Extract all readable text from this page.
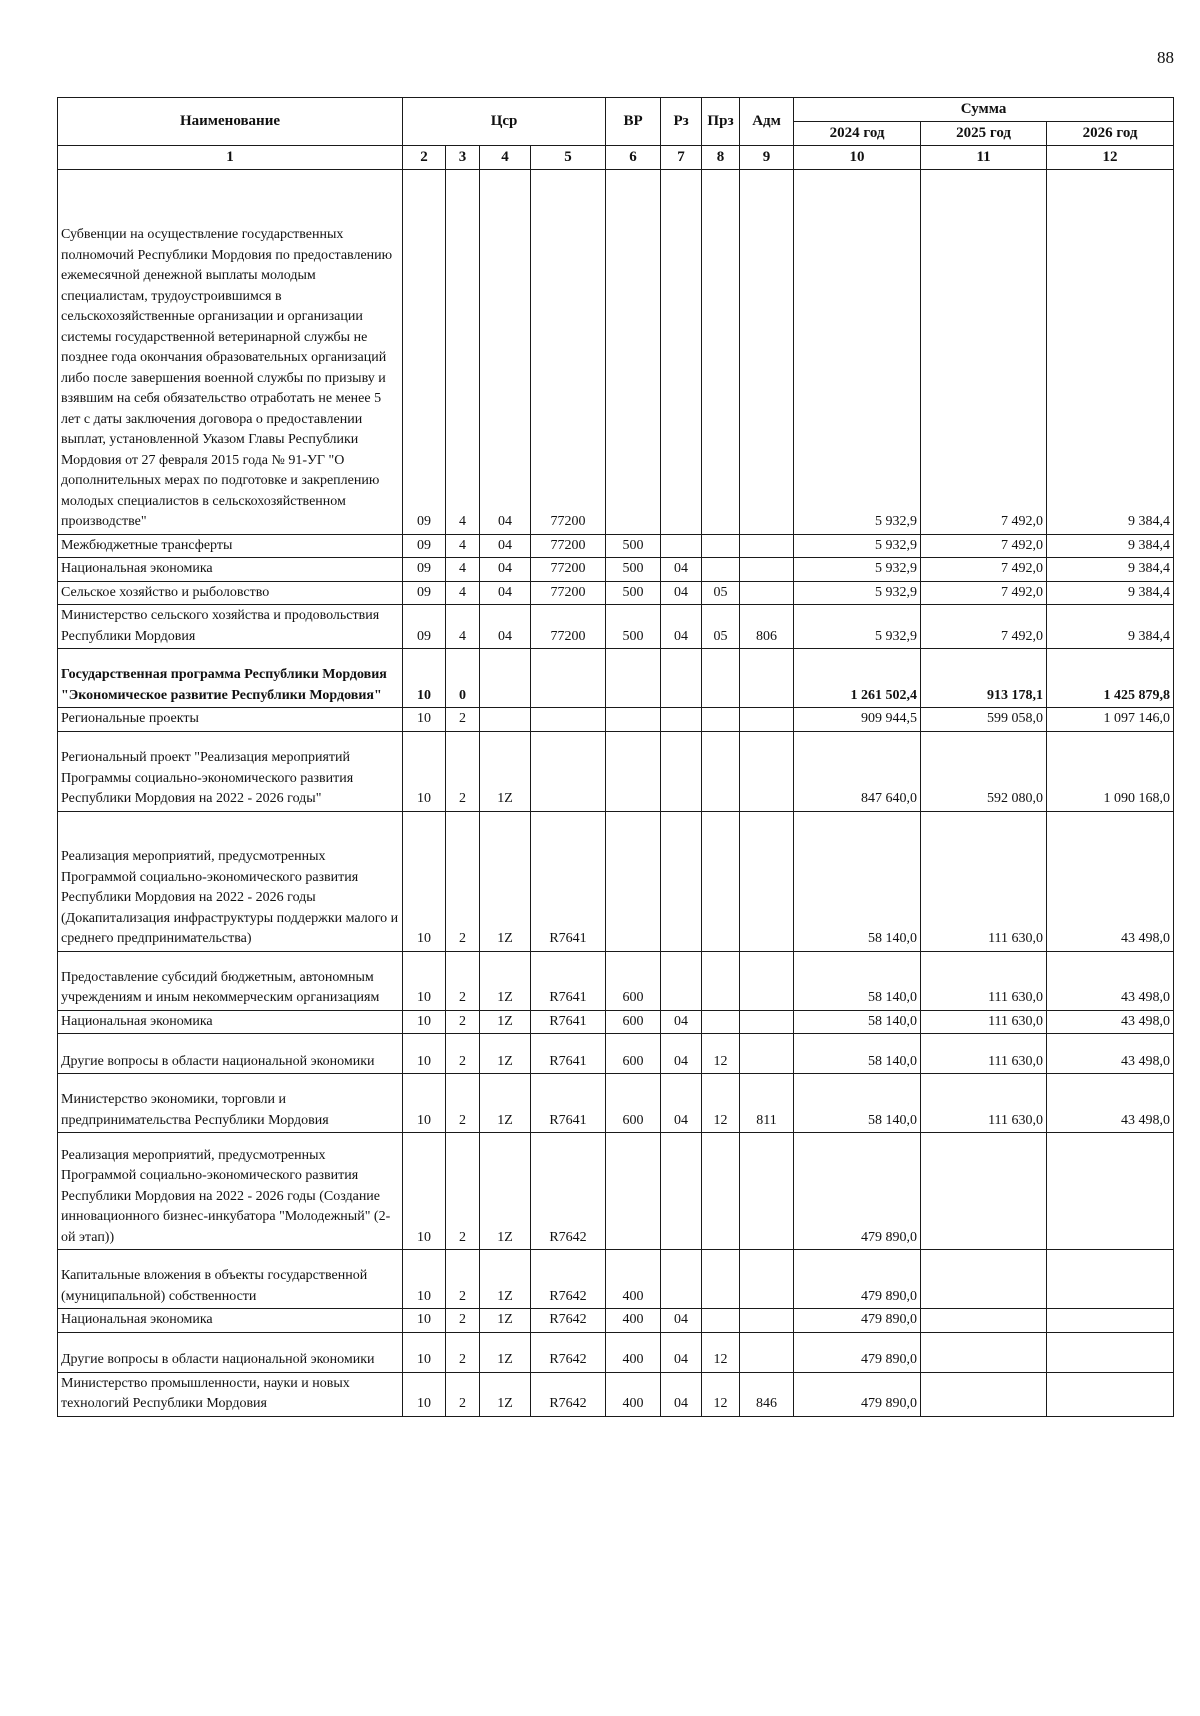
88
Наименование	Цср				ВР	Рз	Прз	Адм	Сумма		
									2024 год	2025 год	2026 год
1	2	3	4	5	6	7	8	9	10	11	12
Субвенции на осуществление государственных полномочий Республики Мордовия по предоставлению ежемесячной денежной выплаты молодым специалистам, трудоустроившимся в сельскохозяйственные организации и организации системы государственной ветеринарной службы не позднее года окончания образовательных организаций либо после завершения военной службы по призыву и взявшим на себя обязательство отработать не менее 5 лет с даты заключения договора о предоставлении выплат, установленной Указом Главы Республики Мордовия от 27 февраля 2015 года № 91-УГ "О дополнительных мерах по подготовке и закреплению молодых специалистов в сельскохозяйственном производстве"	09	4	04	77200					5 932,9	7 492,0	9 384,4
Межбюджетные трансферты	09	4	04	77200	500				5 932,9	7 492,0	9 384,4
Национальная экономика	09	4	04	77200	500	04			5 932,9	7 492,0	9 384,4
Сельское хозяйство и рыболовство	09	4	04	77200	500	04	05		5 932,9	7 492,0	9 384,4
Министерство сельского хозяйства и продовольствия Республики Мордовия	09	4	04	77200	500	04	05	806	5 932,9	7 492,0	9 384,4
Государственная программа Республики Мордовия "Экономическое развитие Республики Мордовия"	10	0							1 261 502,4	913 178,1	1 425 879,8
Региональные проекты	10	2							909 944,5	599 058,0	1 097 146,0
Региональный проект "Реализация мероприятий Программы социально-экономического развития Республики Мордовия на 2022 - 2026 годы"	10	2	1Z						847 640,0	592 080,0	1 090 168,0
Реализация мероприятий, предусмотренных Программой социально-экономического развития Республики Мордовия на 2022 - 2026 годы (Докапитализация инфраструктуры поддержки малого и среднего предпринимательства)	10	2	1Z	R7641					58 140,0	111 630,0	43 498,0
Предоставление субсидий бюджетным, автономным учреждениям и иным некоммерческим организациям	10	2	1Z	R7641	600				58 140,0	111 630,0	43 498,0
Национальная экономика	10	2	1Z	R7641	600	04			58 140,0	111 630,0	43 498,0
Другие вопросы в области национальной экономики	10	2	1Z	R7641	600	04	12		58 140,0	111 630,0	43 498,0
Министерство экономики, торговли и предпринимательства Республики Мордовия	10	2	1Z	R7641	600	04	12	811	58 140,0	111 630,0	43 498,0
Реализация мероприятий, предусмотренных Программой социально-экономического развития Республики Мордовия на 2022 - 2026 годы (Создание инновационного бизнес-инкубатора "Молодежный" (2-ой этап))	10	2	1Z	R7642					479 890,0		
Капитальные вложения в объекты государственной (муниципальной) собственности	10	2	1Z	R7642	400				479 890,0		
Национальная экономика	10	2	1Z	R7642	400	04			479 890,0		
Другие вопросы в области национальной экономики	10	2	1Z	R7642	400	04	12		479 890,0		
Министерство промышленности, науки и новых технологий Республики Мордовия	10	2	1Z	R7642	400	04	12	846	479 890,0		
